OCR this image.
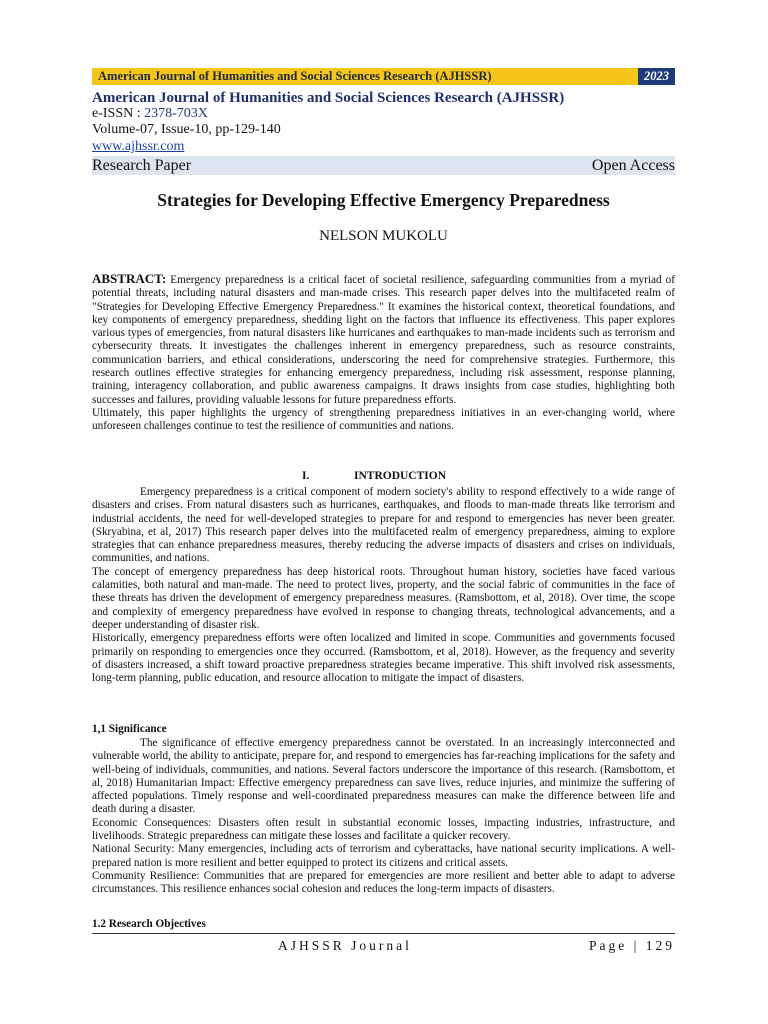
American Journal of Humanities and Social Sciences Research (AJHSSR)	2023
American Journal of Humanities and Social Sciences Research (AJHSSR)
e-ISSN : 2378-703X
Volume-07, Issue-10, pp-129-140
www.ajhssr.com
Research Paper	Open Access
Strategies for Developing Effective Emergency Preparedness
NELSON MUKOLU

ABSTRACT: Emergency preparedness is a critical facet of societal resilience, safeguarding communities from a myriad of potential threats, including natural disasters and man-made crises. This research paper delves into the multifaceted realm of "Strategies for Developing Effective Emergency Preparedness." It examines the historical context, theoretical foundations, and key components of emergency preparedness, shedding light on the factors that influence its effectiveness. This paper explores various types of emergencies, from natural disasters like hurricanes and earthquakes to man-made incidents such as terrorism and cybersecurity threats. It investigates the challenges inherent in emergency preparedness, such as resource constraints, communication barriers, and ethical considerations, underscoring the need for comprehensive strategies. Furthermore, this research outlines effective strategies for enhancing emergency preparedness, including risk assessment, response planning, training, interagency collaboration, and public awareness campaigns. It draws insights from case studies, highlighting both successes and failures, providing valuable lessons for future preparedness efforts.

Ultimately, this paper highlights the urgency of strengthening preparedness initiatives in an ever-changing world, where unforeseen challenges continue to test the resilience of communities and nations.

I.	INTRODUCTION

Emergency preparedness is a critical component of modern society's ability to respond effectively to a wide range of disasters and crises. From natural disasters such as hurricanes, earthquakes, and floods to man-made threats like terrorism and industrial accidents, the need for well-developed strategies to prepare for and respond to emergencies has never been greater. (Skryabina, et al, 2017) This research paper delves into the multifaceted realm of emergency preparedness, aiming to explore strategies that can enhance preparedness measures, thereby reducing the adverse impacts of disasters and crises on individuals, communities, and nations.

The concept of emergency preparedness has deep historical roots. Throughout human history, societies have faced various calamities, both natural and man-made. The need to protect lives, property, and the social fabric of communities in the face of these threats has driven the development of emergency preparedness measures. (Ramsbottom, et al, 2018). Over time, the scope and complexity of emergency preparedness have evolved in response to changing threats, technological advancements, and a deeper understanding of disaster risk.

Historically, emergency preparedness efforts were often localized and limited in scope. Communities and governments focused primarily on responding to emergencies once they occurred. (Ramsbottom, et al, 2018). However, as the frequency and severity of disasters increased, a shift toward proactive preparedness strategies became imperative. This shift involved risk assessments, long-term planning, public education, and resource allocation to mitigate the impact of disasters.

1,1 Significance

The significance of effective emergency preparedness cannot be overstated. In an increasingly interconnected and vulnerable world, the ability to anticipate, prepare for, and respond to emergencies has far-reaching implications for the safety and well-being of individuals, communities, and nations. Several factors underscore the importance of this research. (Ramsbottom, et al, 2018) Humanitarian Impact: Effective emergency preparedness can save lives, reduce injuries, and minimize the suffering of affected populations. Timely response and well-coordinated preparedness measures can make the difference between life and death during a disaster.

Economic Consequences: Disasters often result in substantial economic losses, impacting industries, infrastructure, and livelihoods. Strategic preparedness can mitigate these losses and facilitate a quicker recovery.

National Security: Many emergencies, including acts of terrorism and cyberattacks, have national security implications. A well-prepared nation is more resilient and better equipped to protect its citizens and critical assets.

Community Resilience: Communities that are prepared for emergencies are more resilient and better able to adapt to adverse circumstances. This resilience enhances social cohesion and reduces the long-term impacts of disasters.

1.2 Research Objectives
AJHSSR Journal	Page | 129
